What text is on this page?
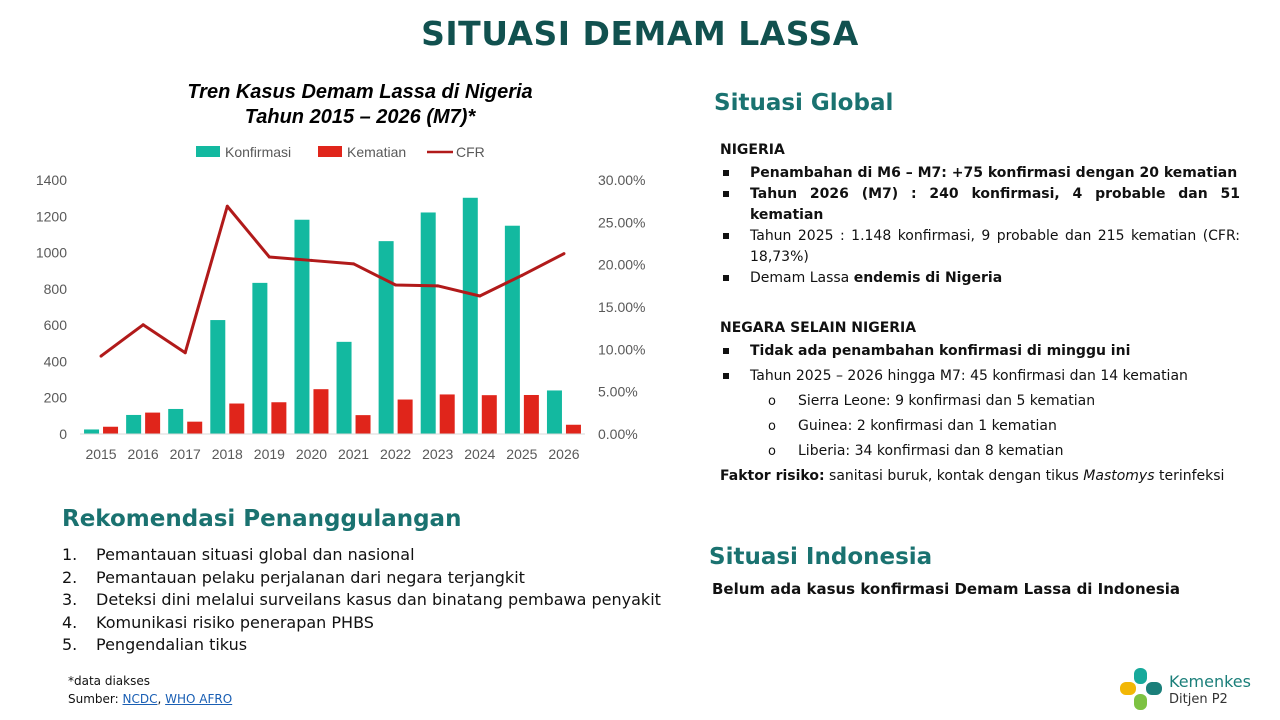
SITUASI DEMAM LASSA
Tren Kasus Demam Lassa di Nigeria
Tahun 2015 – 2026 (M7)*
Konfirmasi	Kematian	CFR
0
200
400
600
800
1000
1200
1400
0.00%
5.00%
10.00%
15.00%
20.00%
25.00%
30.00%
2015 2016 2017 2018 2019 2020 2021 2022 2023 2024 2025 2026
Situasi Global
NIGERIA
Penambahan di M6 – M7: +75 konfirmasi dengan 20 kematian
Tahun 2026 (M7) : 240 konfirmasi, 4 probable dan 51 kematian
Tahun 2025 : 1.148 konfirmasi, 9 probable dan 215 kematian (CFR: 18,73%)
Demam Lassa endemis di Nigeria
NEGARA SELAIN NIGERIA
Tidak ada penambahan konfirmasi di minggu ini
Tahun 2025 – 2026 hingga M7: 45 konfirmasi dan 14 kematian
o Sierra Leone: 9 konfirmasi dan 5 kematian
o Guinea: 2 konfirmasi dan 1 kematian
o Liberia: 34 konfirmasi dan 8 kematian
Faktor risiko: sanitasi buruk, kontak dengan tikus Mastomys terinfeksi
Situasi Indonesia
Belum ada kasus konfirmasi Demam Lassa di Indonesia
Rekomendasi Penanggulangan
1. Pemantauan situasi global dan nasional
2. Pemantauan pelaku perjalanan dari negara terjangkit
3. Deteksi dini melalui surveilans kasus dan binatang pembawa penyakit
4. Komunikasi risiko penerapan PHBS
5. Pengendalian tikus
*data diakses
Sumber: NCDC, WHO AFRO
Kemenkes
Ditjen P2
